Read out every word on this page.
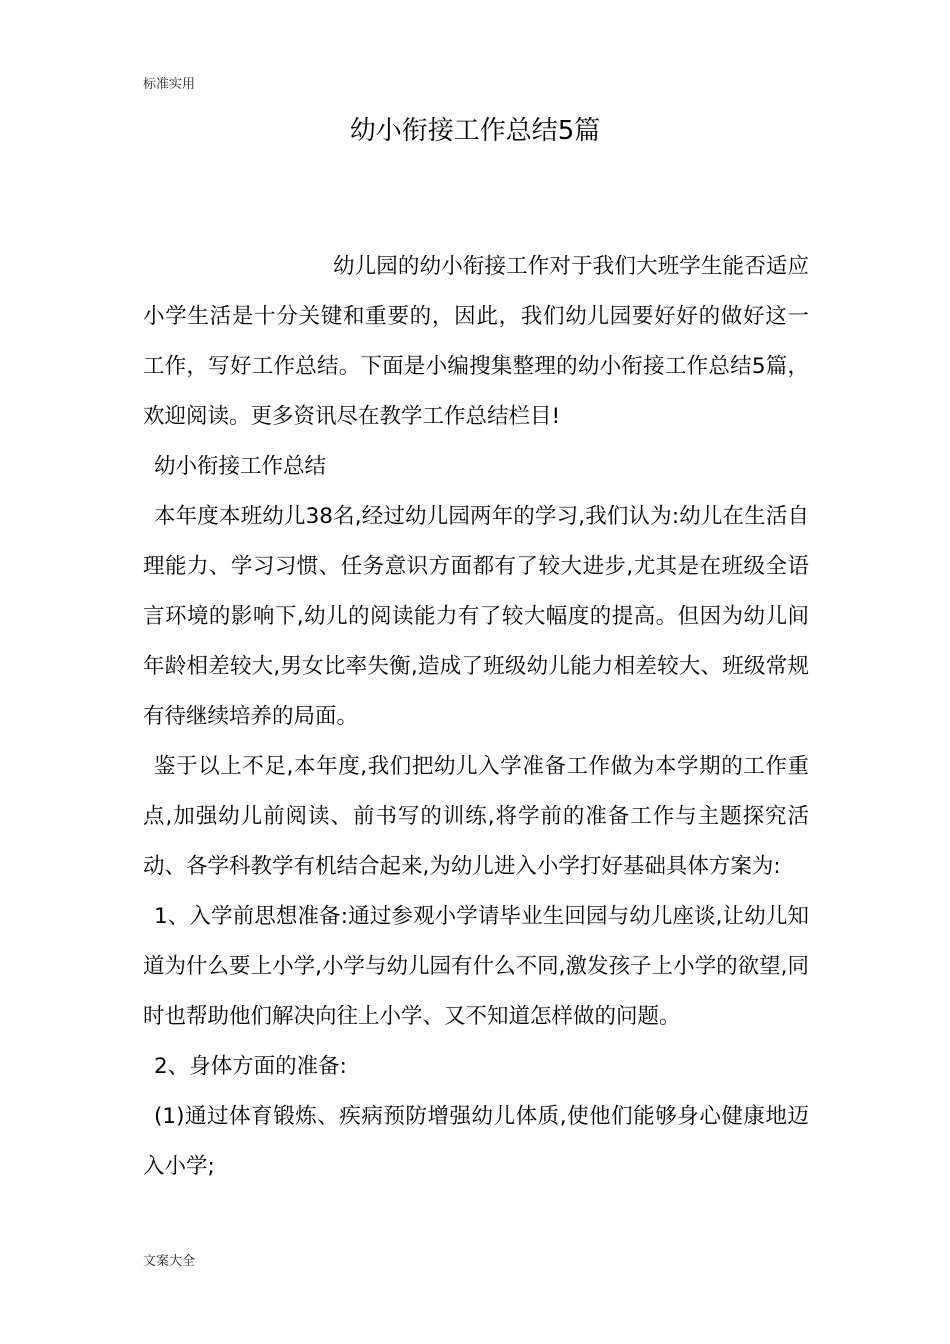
标准实用
幼小衔接工作总结5篇

幼儿园的幼小衔接工作对于我们大班学生能否适应小学生活是十分关键和重要的，因此，我们幼儿园要好好的做好这一工作，写好工作总结。下面是小编搜集整理的幼小衔接工作总结5篇，欢迎阅读。更多资讯尽在教学工作总结栏目!

幼小衔接工作总结

本年度本班幼儿38名,经过幼儿园两年的学习,我们认为:幼儿在生活自理能力、学习习惯、任务意识方面都有了较大进步,尤其是在班级全语言环境的影响下,幼儿的阅读能力有了较大幅度的提高。但因为幼儿间年龄相差较大,男女比率失衡,造成了班级幼儿能力相差较大、班级常规有待继续培养的局面。

鉴于以上不足,本年度,我们把幼儿入学准备工作做为本学期的工作重点,加强幼儿前阅读、前书写的训练,将学前的准备工作与主题探究活动、各学科教学有机结合起来,为幼儿进入小学打好基础具体方案为:

1、入学前思想准备:通过参观小学请毕业生回园与幼儿座谈,让幼儿知道为什么要上小学,小学与幼儿园有什么不同,激发孩子上小学的欲望,同时也帮助他们解决向往上小学、又不知道怎样做的问题。

2、身体方面的准备:

(1)通过体育锻炼、疾病预防增强幼儿体质,使他们能够身心健康地迈入小学;

文案大全
